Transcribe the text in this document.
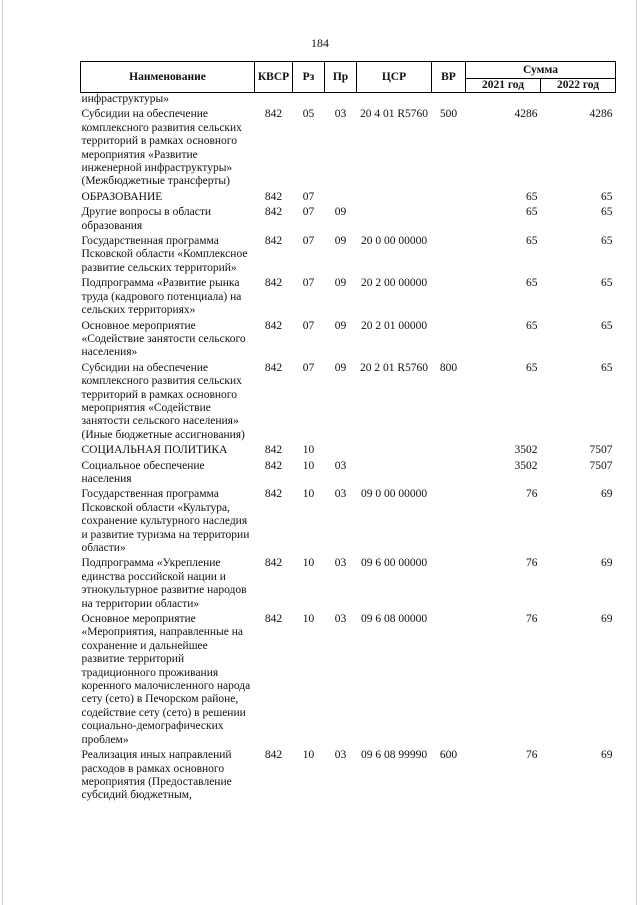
184
Наименование	КВСР	Рз	Пр	ЦСР	ВР	Сумма	
						2021 год	2022 год
инфраструктуры»							
Субсидии на обеспечение комплексного развития сельских территорий в рамках основного мероприятия «Развитие инженерной инфраструктуры» (Межбюджетные трансферты)	842	05	03	20 4 01 R5760	500	4286	4286
ОБРАЗОВАНИЕ	842	07				65	65
Другие вопросы в области образования	842	07	09			65	65
Государственная программа Псковской области «Комплексное развитие сельских территорий»	842	07	09	20 0 00 00000		65	65
Подпрограмма «Развитие рынка труда (кадрового потенциала) на сельских территориях»	842	07	09	20 2 00 00000		65	65
Основное мероприятие «Содействие занятости сельского населения»	842	07	09	20 2 01 00000		65	65
Субсидии на обеспечение комплексного развития сельских территорий в рамках основного мероприятия «Содействие занятости сельского населения» (Иные бюджетные ассигнования)	842	07	09	20 2 01 R5760	800	65	65
СОЦИАЛЬНАЯ ПОЛИТИКА	842	10				3502	7507
Социальное обеспечение населения	842	10	03			3502	7507
Государственная программа Псковской области «Культура, сохранение культурного наследия и развитие туризма на территории области»	842	10	03	09 0 00 00000		76	69
Подпрограмма «Укрепление единства российской нации и этнокультурное развитие народов на территории области»	842	10	03	09 6 00 00000		76	69
Основное мероприятие «Мероприятия, направленные на сохранение и дальнейшее развитие территорий традиционного проживания коренного малочисленного народа сету (сето) в Печорском районе, содействие сету (сето) в решении социально-демографических проблем»	842	10	03	09 6 08 00000		76	69
Реализация иных направлений расходов в рамках основного мероприятия (Предоставление субсидий бюджетным,	842	10	03	09 6 08 99990	600	76	69
